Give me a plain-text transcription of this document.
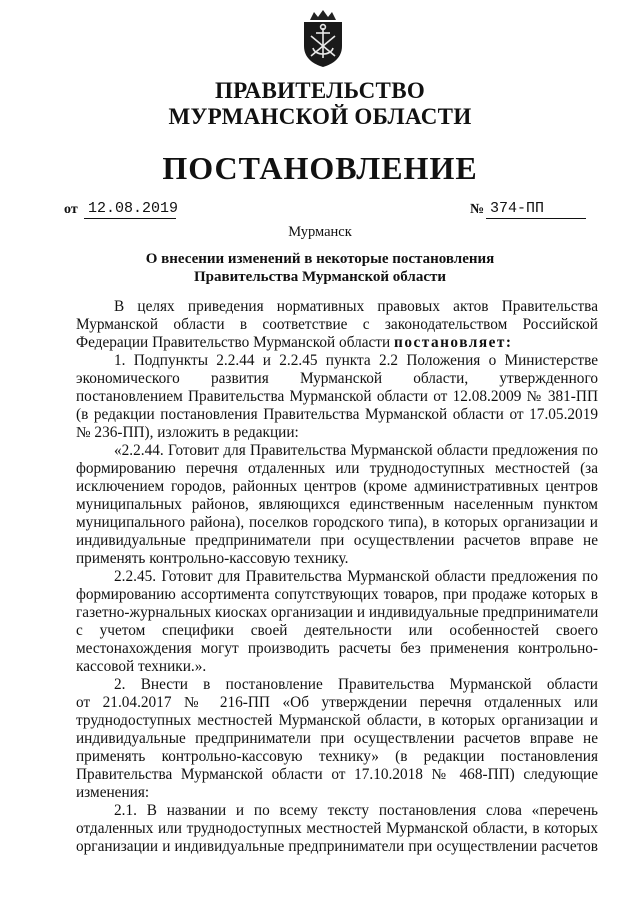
ПРАВИТЕЛЬСТВО
МУРМАНСКОЙ ОБЛАСТИ
ПОСТАНОВЛЕНИЕ
от 12.08.2019	№ 374-ПП
Мурманск
О внесении изменений в некоторые постановления
Правительства Мурманской области
В целях приведения нормативных правовых актов Правительства
Мурманской области в соответствие с законодательством Российской
Федерации Правительство Мурманской области постановляет:
1. Подпункты 2.2.44 и 2.2.45 пункта 2.2 Положения о Министерстве
экономического развития Мурманской области, утвержденного
постановлением Правительства Мурманской области от 12.08.2009 № 381-ПП
(в редакции постановления Правительства Мурманской области от 17.05.2019
№ 236-ПП), изложить в редакции:
«2.2.44. Готовит для Правительства Мурманской области предложения по
формированию перечня отдаленных или труднодоступных местностей (за
исключением городов, районных центров (кроме административных центров
муниципальных районов, являющихся единственным населенным пунктом
муниципального района), поселков городского типа), в которых организации и
индивидуальные предприниматели при осуществлении расчетов вправе не
применять контрольно-кассовую технику.
2.2.45. Готовит для Правительства Мурманской области предложения по
формированию ассортимента сопутствующих товаров, при продаже которых в
газетно-журнальных киосках организации и индивидуальные предприниматели
с учетом специфики своей деятельности или особенностей своего
местонахождения могут производить расчеты без применения контрольно-
кассовой техники.».
2. Внести в постановление Правительства Мурманской области
от 21.04.2017 № 216-ПП «Об утверждении перечня отдаленных или
труднодоступных местностей Мурманской области, в которых организации и
индивидуальные предприниматели при осуществлении расчетов вправе не
применять контрольно-кассовую технику» (в редакции постановления
Правительства Мурманской области от 17.10.2018 № 468-ПП) следующие
изменения:
2.1. В названии и по всему тексту постановления слова «перечень
отдаленных или труднодоступных местностей Мурманской области, в которых
организации и индивидуальные предприниматели при осуществлении расчетов
